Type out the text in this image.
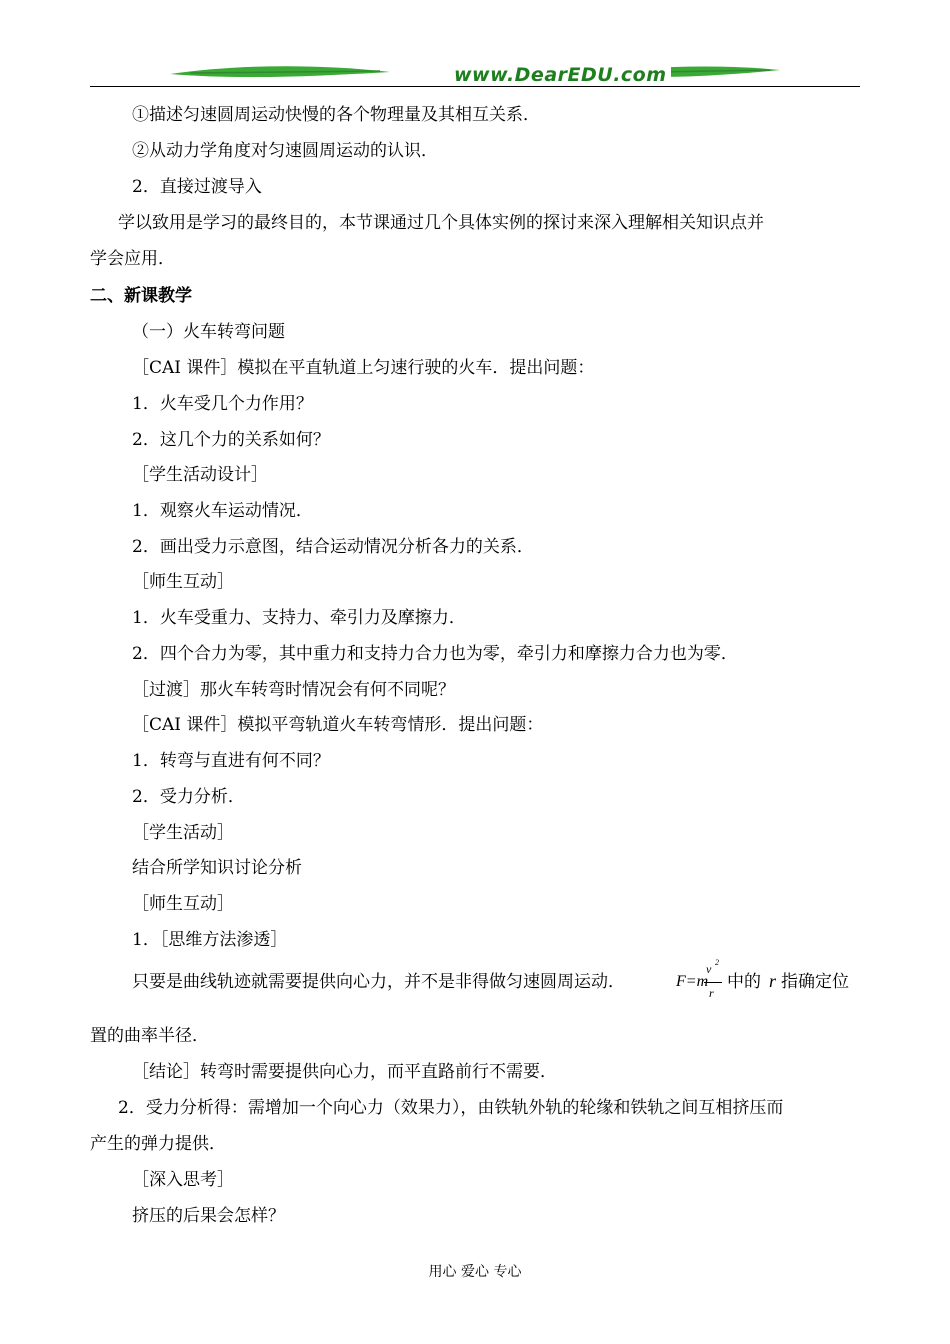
www.DearEDU.com
①描述匀速圆周运动快慢的各个物理量及其相互关系．
②从动力学角度对匀速圆周运动的认识．
2．直接过渡导入
学以致用是学习的最终目的，本节课通过几个具体实例的探讨来深入理解相关知识点并
学会应用．
二、新课教学
（一）火车转弯问题
［CAI 课件］模拟在平直轨道上匀速行驶的火车．提出问题：
1．火车受几个力作用？
2．这几个力的关系如何？
［学生活动设计］
1．观察火车运动情况．
2．画出受力示意图，结合运动情况分析各力的关系．
［师生互动］
1．火车受重力、支持力、牵引力及摩擦力．
2．四个合力为零，其中重力和支持力合力也为零，牵引力和摩擦力合力也为零．
［过渡］那火车转弯时情况会有何不同呢？
［CAI 课件］模拟平弯轨道火车转弯情形．提出问题：
1．转弯与直进有何不同？
2．受力分析．
［学生活动］
结合所学知识讨论分析
［师生互动］
1．［思维方法渗透］
只要是曲线轨迹就需要提供向心力，并不是非得做匀速圆周运动．	F=m
v 2
r
中的 r 指确定位
置的曲率半径．
［结论］转弯时需要提供向心力，而平直路前行不需要．
2．受力分析得：需增加一个向心力（效果力），由铁轨外轨的轮缘和铁轨之间互相挤压而
产生的弹力提供．
［深入思考］
挤压的后果会怎样？
用心 爱心 专心
